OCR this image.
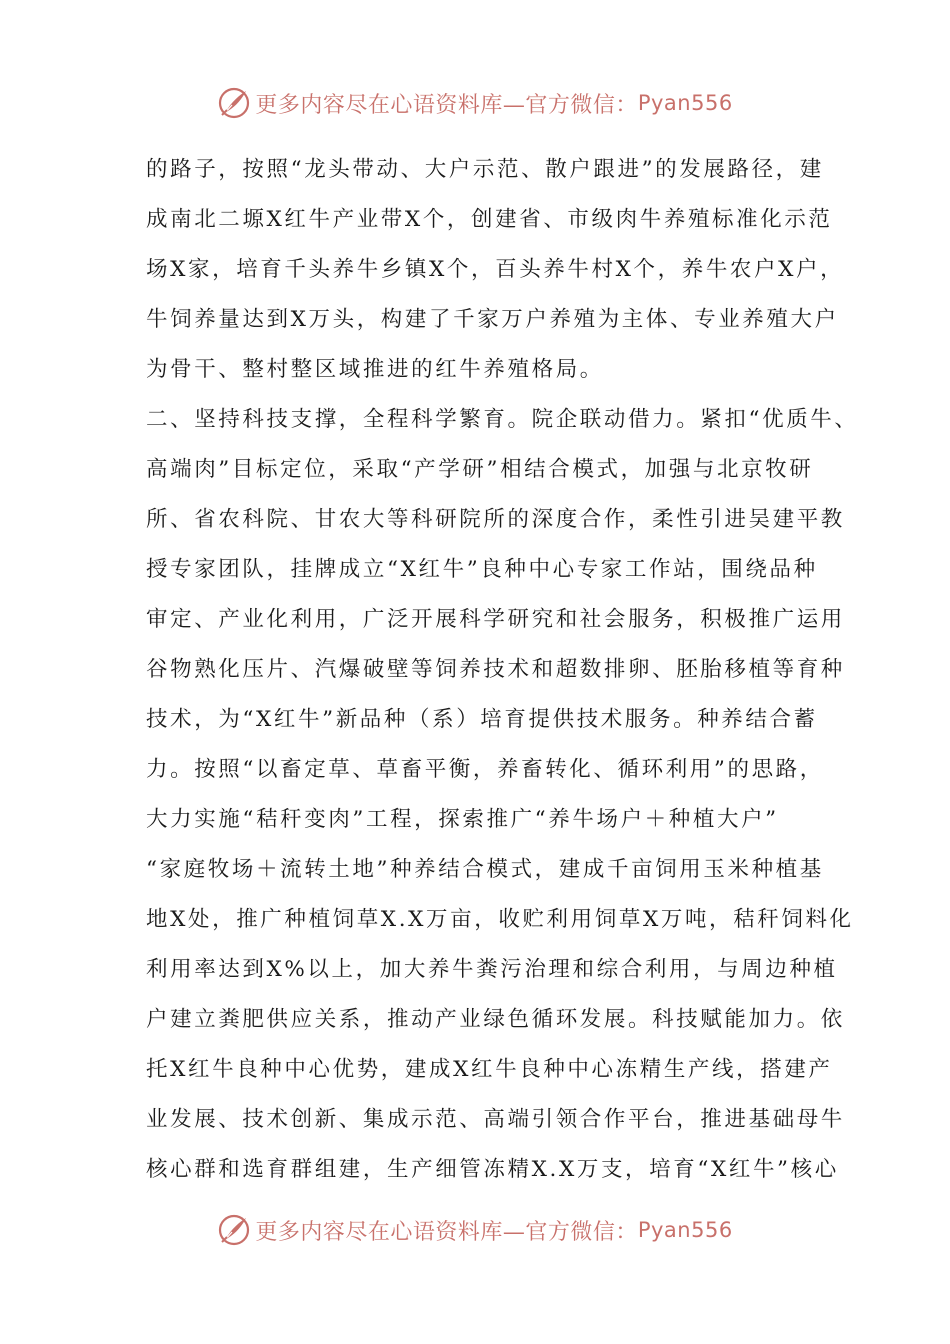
更多内容尽在心语资料库—官方微信： Pyan556
的路子，按照“龙头带动、大户示范、散户跟进”的发展路径，建
成南北二塬X红牛产业带X个，创建省、市级肉牛养殖标准化示范
场X家，培育千头养牛乡镇X个，百头养牛村X个，养牛农户X户，
牛饲养量达到X万头，构建了千家万户养殖为主体、专业养殖大户
为骨干、整村整区域推进的红牛养殖格局。
二、坚持科技支撑，全程科学繁育。院企联动借力。紧扣“优质牛、
高端肉”目标定位，采取“产学研”相结合模式，加强与北京牧研
所、省农科院、甘农大等科研院所的深度合作，柔性引进吴建平教
授专家团队，挂牌成立“X红牛”良种中心专家工作站，围绕品种
审定、产业化利用，广泛开展科学研究和社会服务，积极推广运用
谷物熟化压片、汽爆破壁等饲养技术和超数排卵、胚胎移植等育种
技术，为“X红牛”新品种（系）培育提供技术服务。种养结合蓄
力。按照“以畜定草、草畜平衡，养畜转化、循环利用”的思路，
大力实施“秸秆变肉”工程，探索推广“养牛场户＋种植大户”
“家庭牧场＋流转土地”种养结合模式，建成千亩饲用玉米种植基
地X处，推广种植饲草X.X万亩，收贮利用饲草X万吨，秸秆饲料化
利用率达到X%以上，加大养牛粪污治理和综合利用，与周边种植
户建立粪肥供应关系，推动产业绿色循环发展。科技赋能加力。依
托X红牛良种中心优势，建成X红牛良种中心冻精生产线，搭建产
业发展、技术创新、集成示范、高端引领合作平台，推进基础母牛
核心群和选育群组建，生产细管冻精X.X万支，培育“X红牛”核心
更多内容尽在心语资料库—官方微信： Pyan556
